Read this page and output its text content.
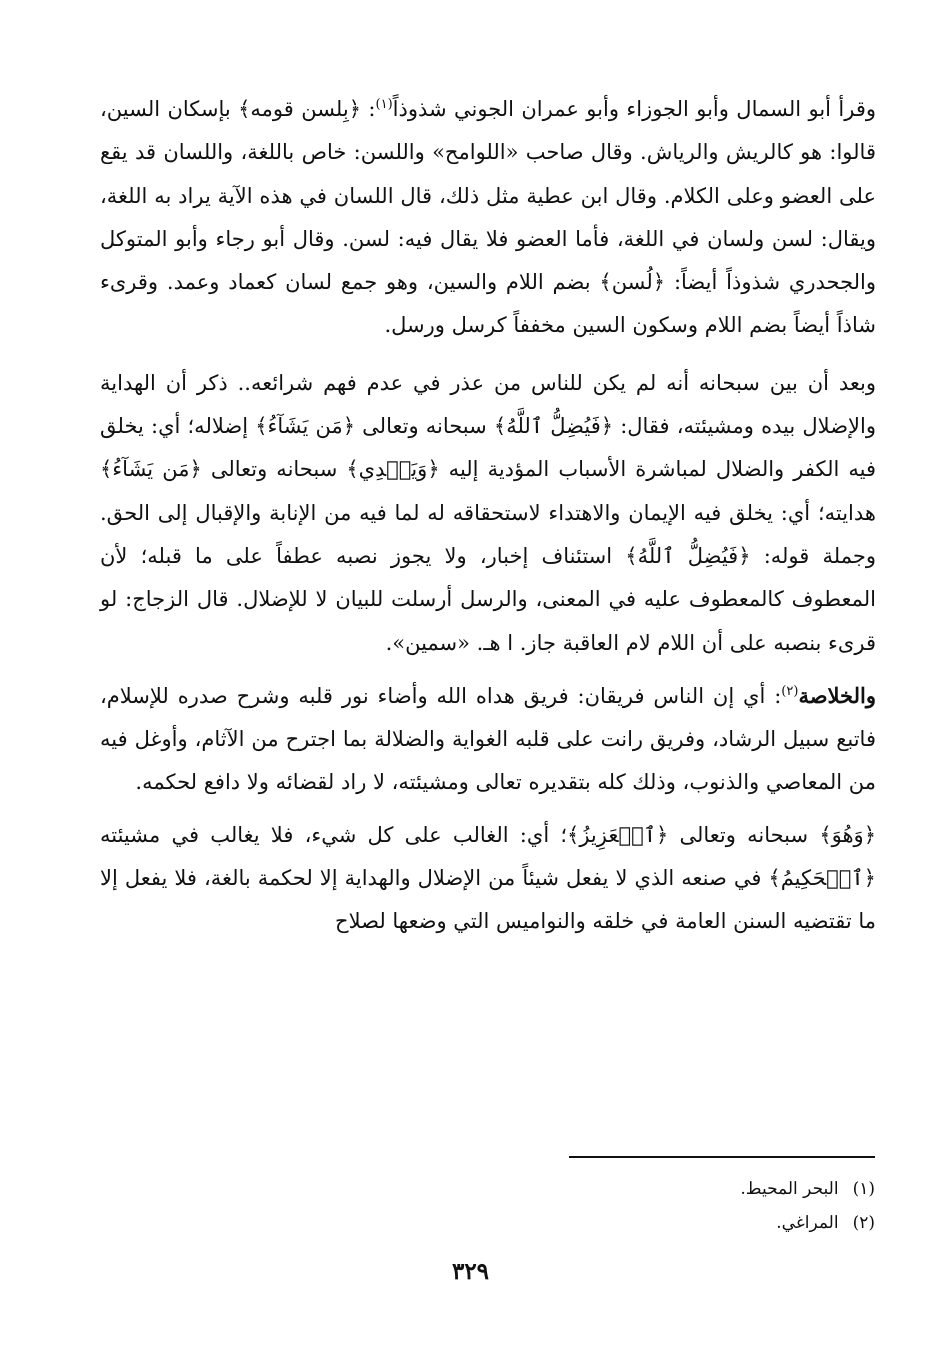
وقرأ أبو السمال وأبو الجوزاء وأبو عمران الجوني شذوذاً$^{(١)}$: ﴿بِلسن قومه﴾ بإسكان السين، قالوا: هو كالريش والرياش. وقال صاحب «اللوامح» واللسن: خاص باللغة، واللسان قد يقع على العضو وعلى الكلام. وقال ابن عطية مثل ذلك، قال اللسان في هذه الآية يراد به اللغة، ويقال: لسن ولسان في اللغة، فأما العضو فلا يقال فيه: لسن. وقال أبو رجاء وأبو المتوكل والجحدري شذوذاً أيضاً: ﴿لُسن﴾ بضم اللام والسين، وهو جمع لسان كعماد وعمد. وقرىء شاذاً أيضاً بضم اللام وسكون السين مخففاً كرسل ورسل.

وبعد أن بين سبحانه أنه لم يكن للناس من عذر في عدم فهم شرائعه.. ذكر أن الهداية والإضلال بيده ومشيئته، فقال: ﴿فَيُضِلُّ ٱللَّهُ﴾ سبحانه وتعالى ﴿مَن يَشَآءُ﴾ إضلاله؛ أي: يخلق فيه الكفر والضلال لمباشرة الأسباب المؤدية إليه ﴿وَيَهۡدِي﴾ سبحانه وتعالى ﴿مَن يَشَآءُ﴾ هدايته؛ أي: يخلق فيه الإيمان والاهتداء لاستحقاقه له لما فيه من الإنابة والإقبال إلى الحق. وجملة قوله: ﴿فَيُضِلُّ ٱللَّهُ﴾ استئناف إخبار، ولا يجوز نصبه عطفاً على ما قبله؛ لأن المعطوف كالمعطوف عليه في المعنى، والرسل أرسلت للبيان لا للإضلال. قال الزجاج: لو قرىء بنصبه على أن اللام لام العاقبة جاز. ا هـ. «سمين».

والخلاصة$^{(٢)}$: أي إن الناس فريقان: فريق هداه الله وأضاء نور قلبه وشرح صدره للإسلام، فاتبع سبيل الرشاد، وفريق رانت على قلبه الغواية والضلالة بما اجترح من الآثام، وأوغل فيه من المعاصي والذنوب، وذلك كله بتقديره تعالى ومشيئته، لا راد لقضائه ولا دافع لحكمه.

﴿وَهُوَ﴾ سبحانه وتعالى ﴿ٱلۡعَزِيزُ﴾؛ أي: الغالب على كل شيء، فلا يغالب في مشيئته ﴿ٱلۡحَكِيمُ﴾ في صنعه الذي لا يفعل شيئاً من الإضلال والهداية إلا لحكمة بالغة، فلا يفعل إلا ما تقتضيه السنن العامة في خلقه والنواميس التي وضعها لصلاح

(١)البحر المحيط.
(٢)المراغي.
٣٢٩
